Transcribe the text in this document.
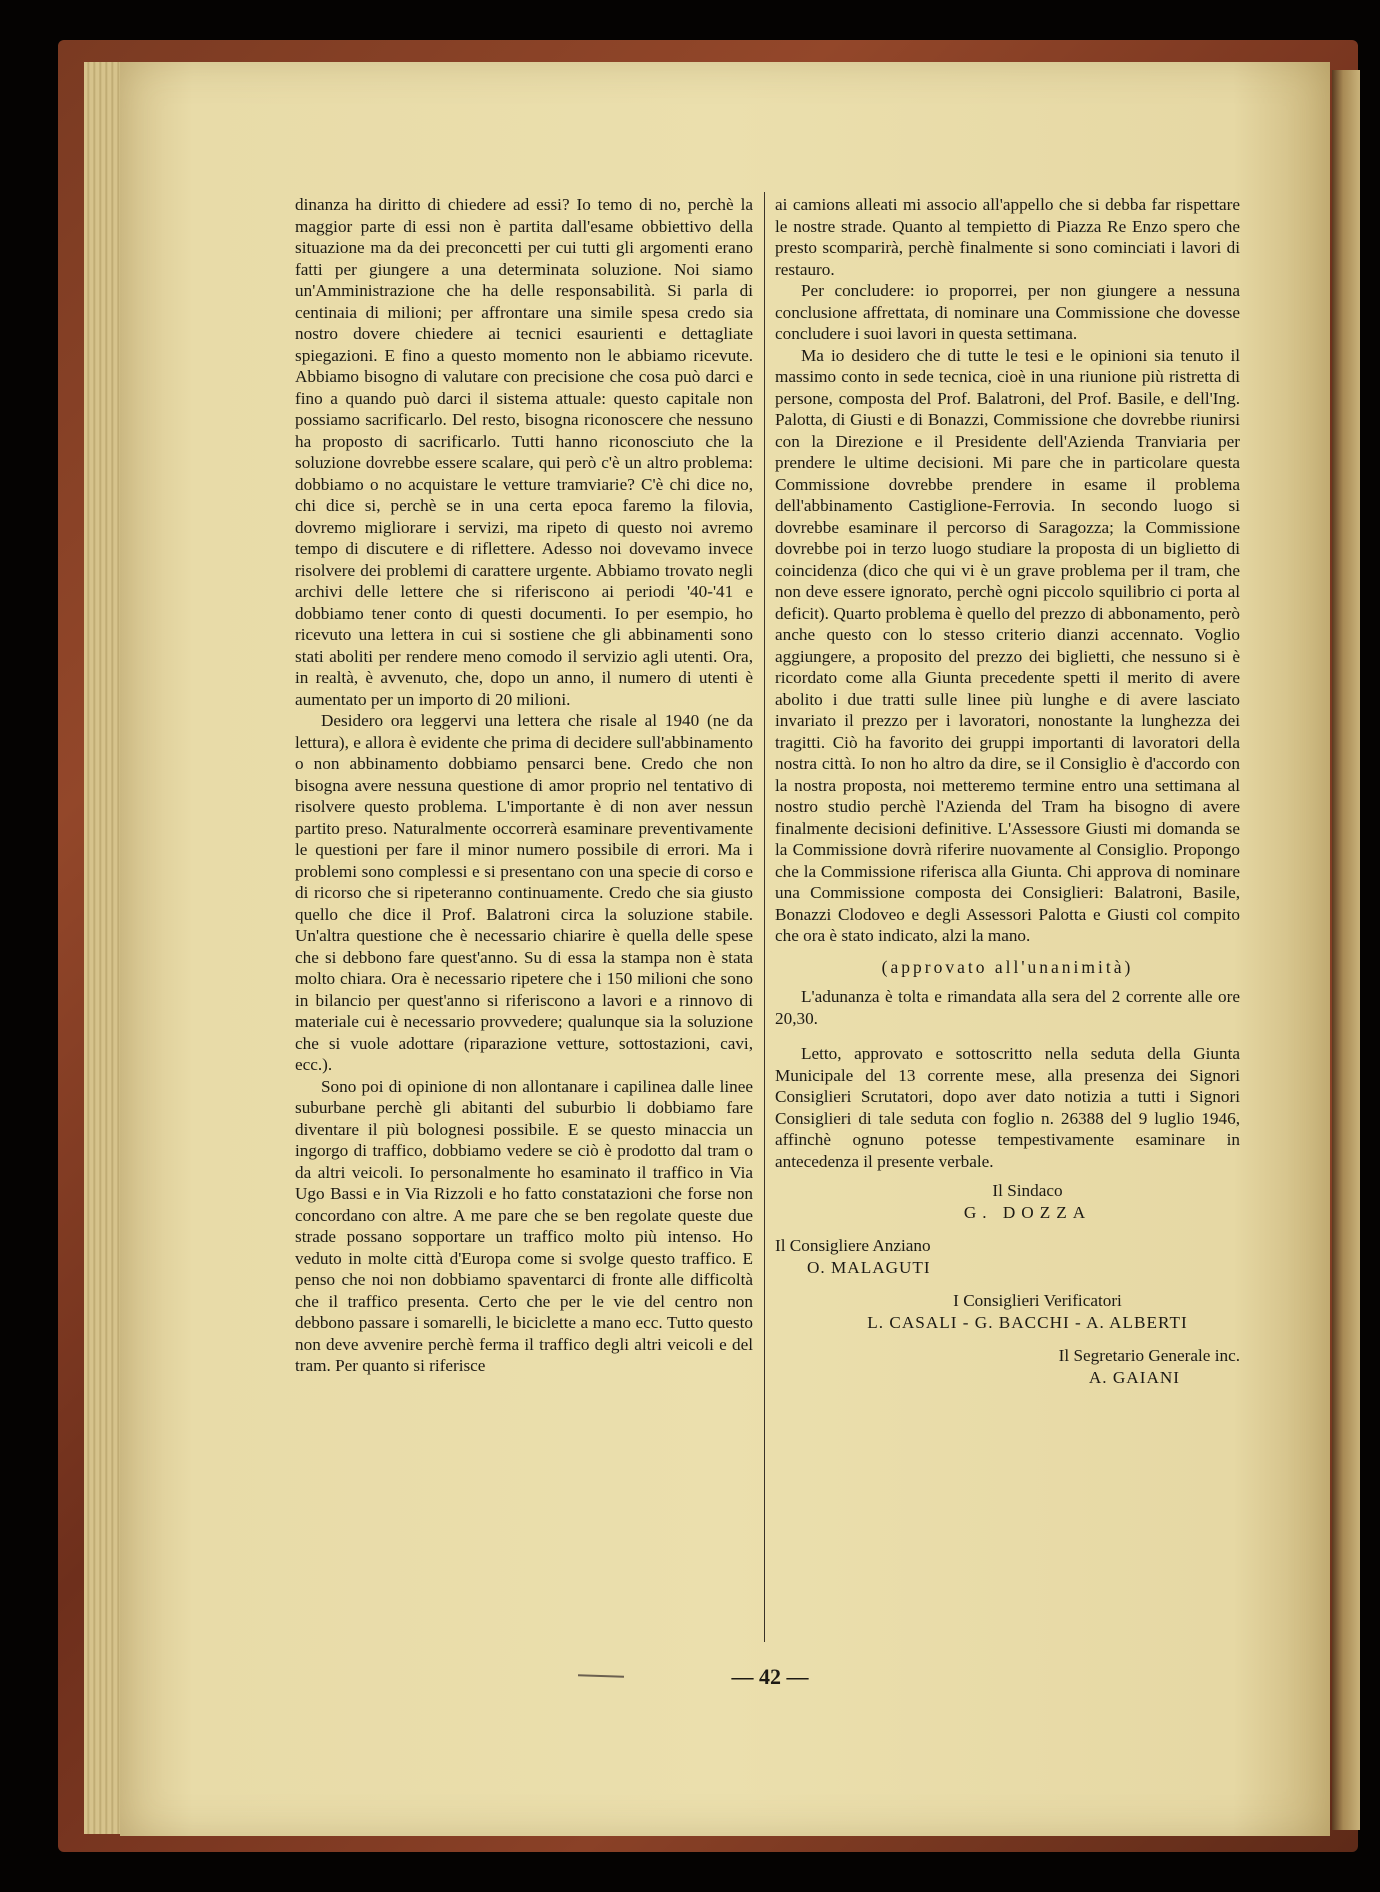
dinanza ha diritto di chiedere ad essi? Io temo di no, perchè la maggior parte di essi non è partita dall'esame obbiettivo della situazione ma da dei preconcetti per cui tutti gli argomenti erano fatti per giungere a una determinata soluzione. Noi siamo un'Amministrazione che ha delle responsabilità. Si parla di centinaia di milioni; per affrontare una simile spesa credo sia nostro dovere chiedere ai tecnici esaurienti e dettagliate spiegazioni. E fino a questo momento non le abbiamo ricevute. Abbiamo bisogno di valutare con precisione che cosa può darci e fino a quando può darci il sistema attuale: questo capitale non possiamo sacrificarlo. Del resto, bisogna riconoscere che nessuno ha proposto di sacrificarlo. Tutti hanno riconosciuto che la soluzione dovrebbe essere scalare, qui però c'è un altro problema: dobbiamo o no acquistare le vetture tramviarie? C'è chi dice no, chi dice si, perchè se in una certa epoca faremo la filovia, dovremo migliorare i servizi, ma ripeto di questo noi avremo tempo di discutere e di riflettere. Adesso noi dovevamo invece risolvere dei problemi di carattere urgente. Abbiamo trovato negli archivi delle lettere che si riferiscono ai periodi '40-'41 e dobbiamo tener conto di questi documenti. Io per esempio, ho ricevuto una lettera in cui si sostiene che gli abbinamenti sono stati aboliti per rendere meno comodo il servizio agli utenti. Ora, in realtà, è avvenuto, che, dopo un anno, il numero di utenti è aumentato per un importo di 20 milioni.

Desidero ora leggervi una lettera che risale al 1940 (ne da lettura), e allora è evidente che prima di decidere sull'abbinamento o non abbinamento dobbiamo pensarci bene. Credo che non bisogna avere nessuna questione di amor proprio nel tentativo di risolvere questo problema. L'importante è di non aver nessun partito preso. Naturalmente occorrerà esaminare preventivamente le questioni per fare il minor numero possibile di errori. Ma i problemi sono complessi e si presentano con una specie di corso e di ricorso che si ripeteranno continuamente. Credo che sia giusto quello che dice il Prof. Balatroni circa la soluzione stabile. Un'altra questione che è necessario chiarire è quella delle spese che si debbono fare quest'anno. Su di essa la stampa non è stata molto chiara. Ora è necessario ripetere che i 150 milioni che sono in bilancio per quest'anno si riferiscono a lavori e a rinnovo di materiale cui è necessario provvedere; qualunque sia la soluzione che si vuole adottare (riparazione vetture, sottostazioni, cavi, ecc.).

Sono poi di opinione di non allontanare i capilinea dalle linee suburbane perchè gli abitanti del suburbio li dobbiamo fare diventare il più bolognesi possibile. E se questo minaccia un ingorgo di traffico, dobbiamo vedere se ciò è prodotto dal tram o da altri veicoli. Io personalmente ho esaminato il traffico in Via Ugo Bassi e in Via Rizzoli e ho fatto constatazioni che forse non concordano con altre. A me pare che se ben regolate queste due strade possano sopportare un traffico molto più intenso. Ho veduto in molte città d'Europa come si svolge questo traffico. E penso che noi non dobbiamo spaventarci di fronte alle difficoltà che il traffico presenta. Certo che per le vie del centro non debbono passare i somarelli, le biciclette a mano ecc. Tutto questo non deve avvenire perchè ferma il traffico degli altri veicoli e del tram. Per quanto si riferisce

ai camions alleati mi associo all'appello che si debba far rispettare le nostre strade. Quanto al tempietto di Piazza Re Enzo spero che presto scomparirà, perchè finalmente si sono cominciati i lavori di restauro.

Per concludere: io proporrei, per non giungere a nessuna conclusione affrettata, di nominare una Commissione che dovesse concludere i suoi lavori in questa settimana.

Ma io desidero che di tutte le tesi e le opinioni sia tenuto il massimo conto in sede tecnica, cioè in una riunione più ristretta di persone, composta del Prof. Balatroni, del Prof. Basile, e dell'Ing. Palotta, di Giusti e di Bonazzi, Commissione che dovrebbe riunirsi con la Direzione e il Presidente dell'Azienda Tranviaria per prendere le ultime decisioni. Mi pare che in particolare questa Commissione dovrebbe prendere in esame il problema dell'abbinamento Castiglione-Ferrovia. In secondo luogo si dovrebbe esaminare il percorso di Saragozza; la Commissione dovrebbe poi in terzo luogo studiare la proposta di un biglietto di coincidenza (dico che qui vi è un grave problema per il tram, che non deve essere ignorato, perchè ogni piccolo squilibrio ci porta al deficit). Quarto problema è quello del prezzo di abbonamento, però anche questo con lo stesso criterio dianzi accennato. Voglio aggiungere, a proposito del prezzo dei biglietti, che nessuno si è ricordato come alla Giunta precedente spetti il merito di avere abolito i due tratti sulle linee più lunghe e di avere lasciato invariato il prezzo per i lavoratori, nonostante la lunghezza dei tragitti. Ciò ha favorito dei gruppi importanti di lavoratori della nostra città. Io non ho altro da dire, se il Consiglio è d'accordo con la nostra proposta, noi metteremo termine entro una settimana al nostro studio perchè l'Azienda del Tram ha bisogno di avere finalmente decisioni definitive. L'Assessore Giusti mi domanda se la Commissione dovrà riferire nuovamente al Consiglio. Propongo che la Commissione riferisca alla Giunta. Chi approva di nominare una Commissione composta dei Consiglieri: Balatroni, Basile, Bonazzi Clodoveo e degli Assessori Palotta e Giusti col compito che ora è stato indicato, alzi la mano.

(approvato all'unanimità)

L'adunanza è tolta e rimandata alla sera del 2 corrente alle ore 20,30.

Letto, approvato e sottoscritto nella seduta della Giunta Municipale del 13 corrente mese, alla presenza dei Signori Consiglieri Scrutatori, dopo aver dato notizia a tutti i Signori Consiglieri di tale seduta con foglio n. 26388 del 9 luglio 1946, affinchè ognuno potesse tempestivamente esaminare in antecedenza il presente verbale.

Il Sindaco

G. DOZZA

Il Consigliere Anziano

O. MALAGUTI

I Consiglieri Verificatori

L. CASALI - G. BACCHI - A. ALBERTI

Il Segretario Generale inc.

A. GAIANI

— 42 —
